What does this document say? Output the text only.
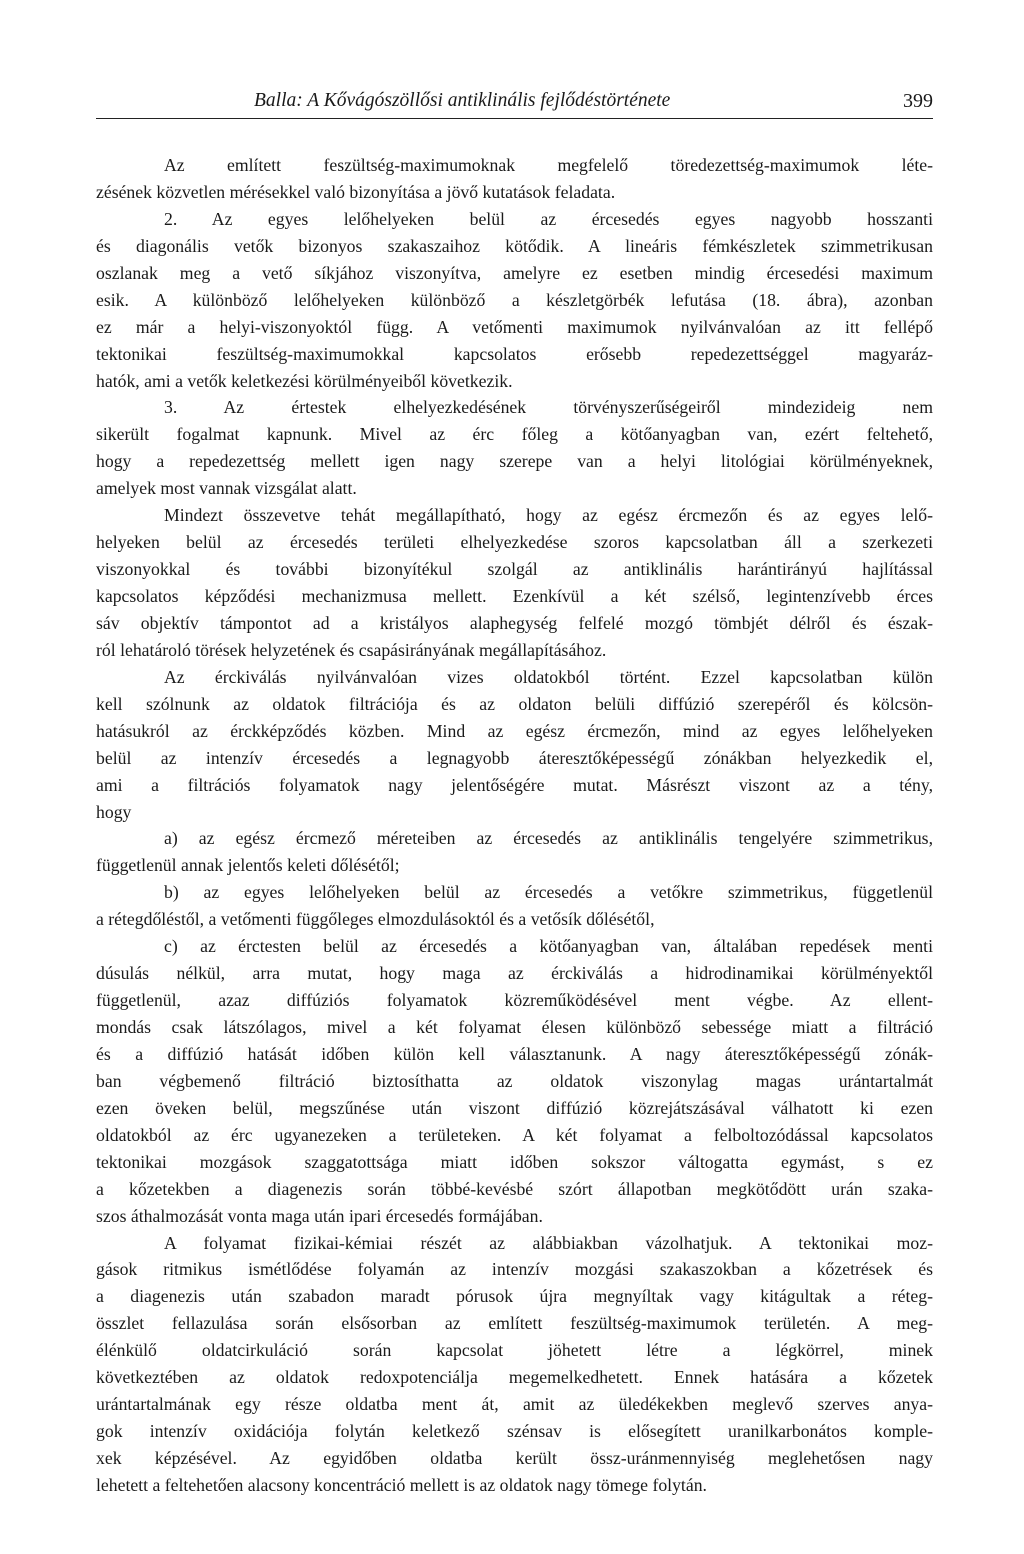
Balla: A Kővágószöllősi antiklinális fejlődéstörténete	399
Az említett feszültség-maximumoknak megfelelő töredezettség-maximumok léte-
zésének közvetlen mérésekkel való bizonyítása a jövő kutatások feladata.
2. Az egyes lelőhelyeken belül az ércesedés egyes nagyobb hosszanti
és diagonális vetők bizonyos szakaszaihoz kötődik. A lineáris fémkészletek szimmetrikusan
oszlanak meg a vető síkjához viszonyítva, amelyre ez esetben mindig ércesedési maximum
esik. A különböző lelőhelyeken különböző a készletgörbék lefutása (18. ábra), azonban
ez már a helyi-viszonyoktól függ. A vetőmenti maximumok nyilvánvalóan az itt fellépő
tektonikai feszültség-maximumokkal kapcsolatos erősebb repedezettséggel magyaráz-
hatók, ami a vetők keletkezési körülményeiből következik.
3. Az értestek elhelyezkedésének törvényszerűségeiről mindezideig nem
sikerült fogalmat kapnunk. Mivel az érc főleg a kötőanyagban van, ezért feltehető,
hogy a repedezettség mellett igen nagy szerepe van a helyi litológiai körülményeknek,
amelyek most vannak vizsgálat alatt.
Mindezt összevetve tehát megállapítható, hogy az egész ércmezőn és az egyes lelő-
helyeken belül az ércesedés területi elhelyezkedése szoros kapcsolatban áll a szerkezeti
viszonyokkal és további bizonyítékul szolgál az antiklinális harántirányú hajlítással
kapcsolatos képződési mechanizmusa mellett. Ezenkívül a két szélső, legintenzívebb érces
sáv objektív támpontot ad a kristályos alaphegység felfelé mozgó tömbjét délről és észak-
ról lehatároló törések helyzetének és csapásirányának megállapításához.
Az érckiválás nyilvánvalóan vizes oldatokból történt. Ezzel kapcsolatban külön
kell szólnunk az oldatok filtrációja és az oldaton belüli diffúzió szerepéről és kölcsön-
hatásukról az érckképződés közben. Mind az egész ércmezőn, mind az egyes lelőhelyeken
belül az intenzív ércesedés a legnagyobb áteresztőképességű zónákban helyezkedik el,
ami a filtrációs folyamatok nagy jelentőségére mutat. Másrészt viszont az a tény,
hogy
a) az egész ércmező méreteiben az ércesedés az antiklinális tengelyére szimmetrikus,
függetlenül annak jelentős keleti dőlésétől;
b) az egyes lelőhelyeken belül az ércesedés a vetőkre szimmetrikus, függetlenül
a rétegdőléstől, a vetőmenti függőleges elmozdulásoktól és a vetősík dőlésétől,
c) az érctesten belül az ércesedés a kötőanyagban van, általában repedések menti
dúsulás nélkül, arra mutat, hogy maga az érckiválás a hidrodinamikai körülményektől
függetlenül, azaz diffúziós folyamatok közreműködésével ment végbe. Az ellent-
mondás csak látszólagos, mivel a két folyamat élesen különböző sebessége miatt a filtráció
és a diffúzió hatását időben külön kell választanunk. A nagy áteresztőképességű zónák-
ban végbemenő filtráció biztosíthatta az oldatok viszonylag magas urántartalmát
ezen öveken belül, megszűnése után viszont diffúzió közrejátszásával válhatott ki ezen
oldatokból az érc ugyanezeken a területeken. A két folyamat a felboltozódással kapcsolatos
tektonikai mozgások szaggatottsága miatt időben sokszor váltogatta egymást, s ez
a kőzetekben a diagenezis során többé-kevésbé szórt állapotban megkötődött urán szaka-
szos áthalmozását vonta maga után ipari ércesedés formájában.
A folyamat fizikai-kémiai részét az alábbiakban vázolhatjuk. A tektonikai moz-
gások ritmikus ismétlődése folyamán az intenzív mozgási szakaszokban a kőzetrések és
a diagenezis után szabadon maradt pórusok újra megnyíltak vagy kitágultak a réteg-
összlet fellazulása során elsősorban az említett feszültség-maximumok területén. A meg-
élénkülő oldatcirkuláció során kapcsolat jöhetett létre a légkörrel, minek
következtében az oldatok redoxpotenciálja megemelkedhetett. Ennek hatására a kőzetek
urántartalmának egy része oldatba ment át, amit az üledékekben meglevő szerves anya-
gok intenzív oxidációja folytán keletkező szénsav is elősegített uranilkarbonátos komple-
xek képzésével. Az egyidőben oldatba került össz-uránmennyiség meglehetősen nagy
lehetett a feltehetően alacsony koncentráció mellett is az oldatok nagy tömege folytán.
